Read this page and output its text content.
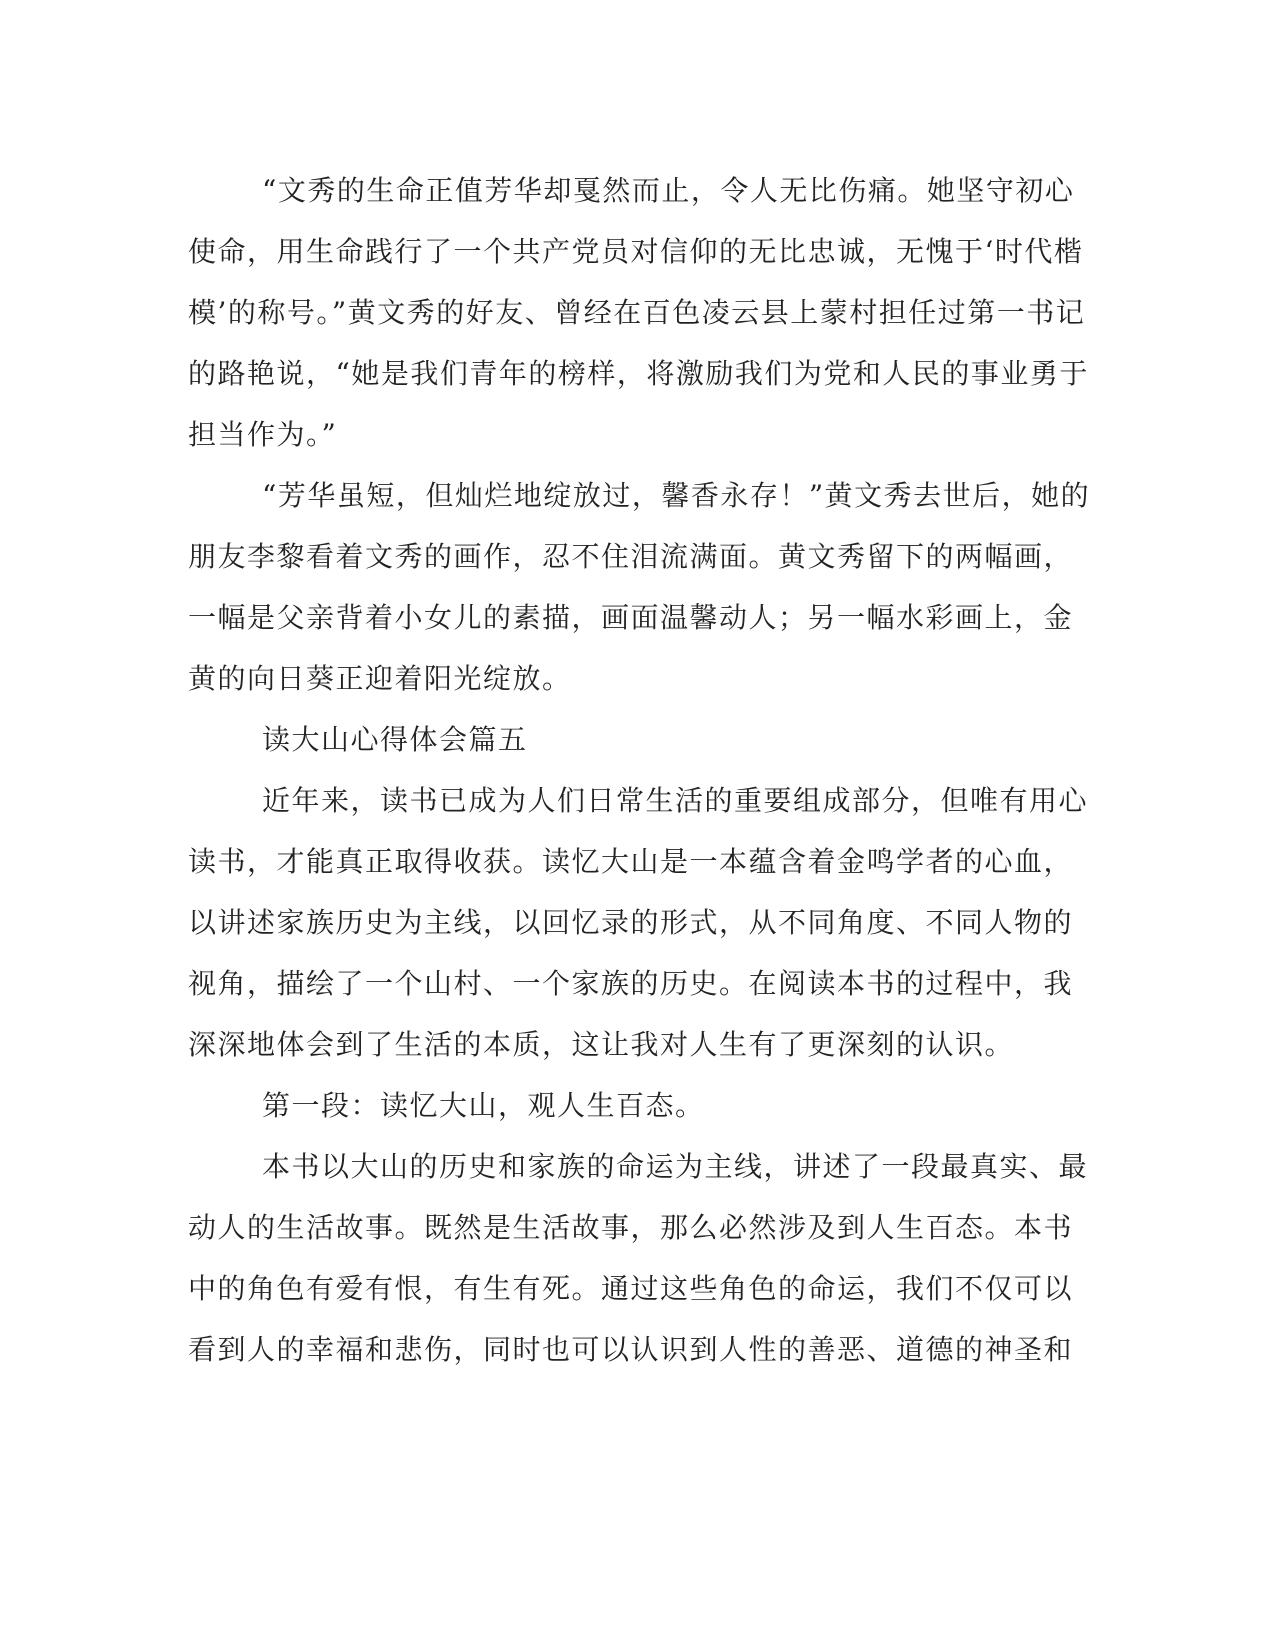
“文秀的生命正值芳华却戛然而止，令人无比伤痛。她坚守初心
使命，用生命践行了一个共产党员对信仰的无比忠诚，无愧于‘时代楷
模’的称号。”黄文秀的好友、曾经在百色凌云县上蒙村担任过第一书记
的路艳说，“她是我们青年的榜样，将激励我们为党和人民的事业勇于
担当作为。”
“芳华虽短，但灿烂地绽放过，馨香永存！”黄文秀去世后，她的
朋友李黎看着文秀的画作，忍不住泪流满面。黄文秀留下的两幅画，
一幅是父亲背着小女儿的素描，画面温馨动人；另一幅水彩画上，金
黄的向日葵正迎着阳光绽放。
读大山心得体会篇五
近年来，读书已成为人们日常生活的重要组成部分，但唯有用心
读书，才能真正取得收获。读忆大山是一本蕴含着金鸣学者的心血，
以讲述家族历史为主线，以回忆录的形式，从不同角度、不同人物的
视角，描绘了一个山村、一个家族的历史。在阅读本书的过程中，我
深深地体会到了生活的本质，这让我对人生有了更深刻的认识。
第一段：读忆大山，观人生百态。
本书以大山的历史和家族的命运为主线，讲述了一段最真实、最
动人的生活故事。既然是生活故事，那么必然涉及到人生百态。本书
中的角色有爱有恨，有生有死。通过这些角色的命运，我们不仅可以
看到人的幸福和悲伤，同时也可以认识到人性的善恶、道德的神圣和
